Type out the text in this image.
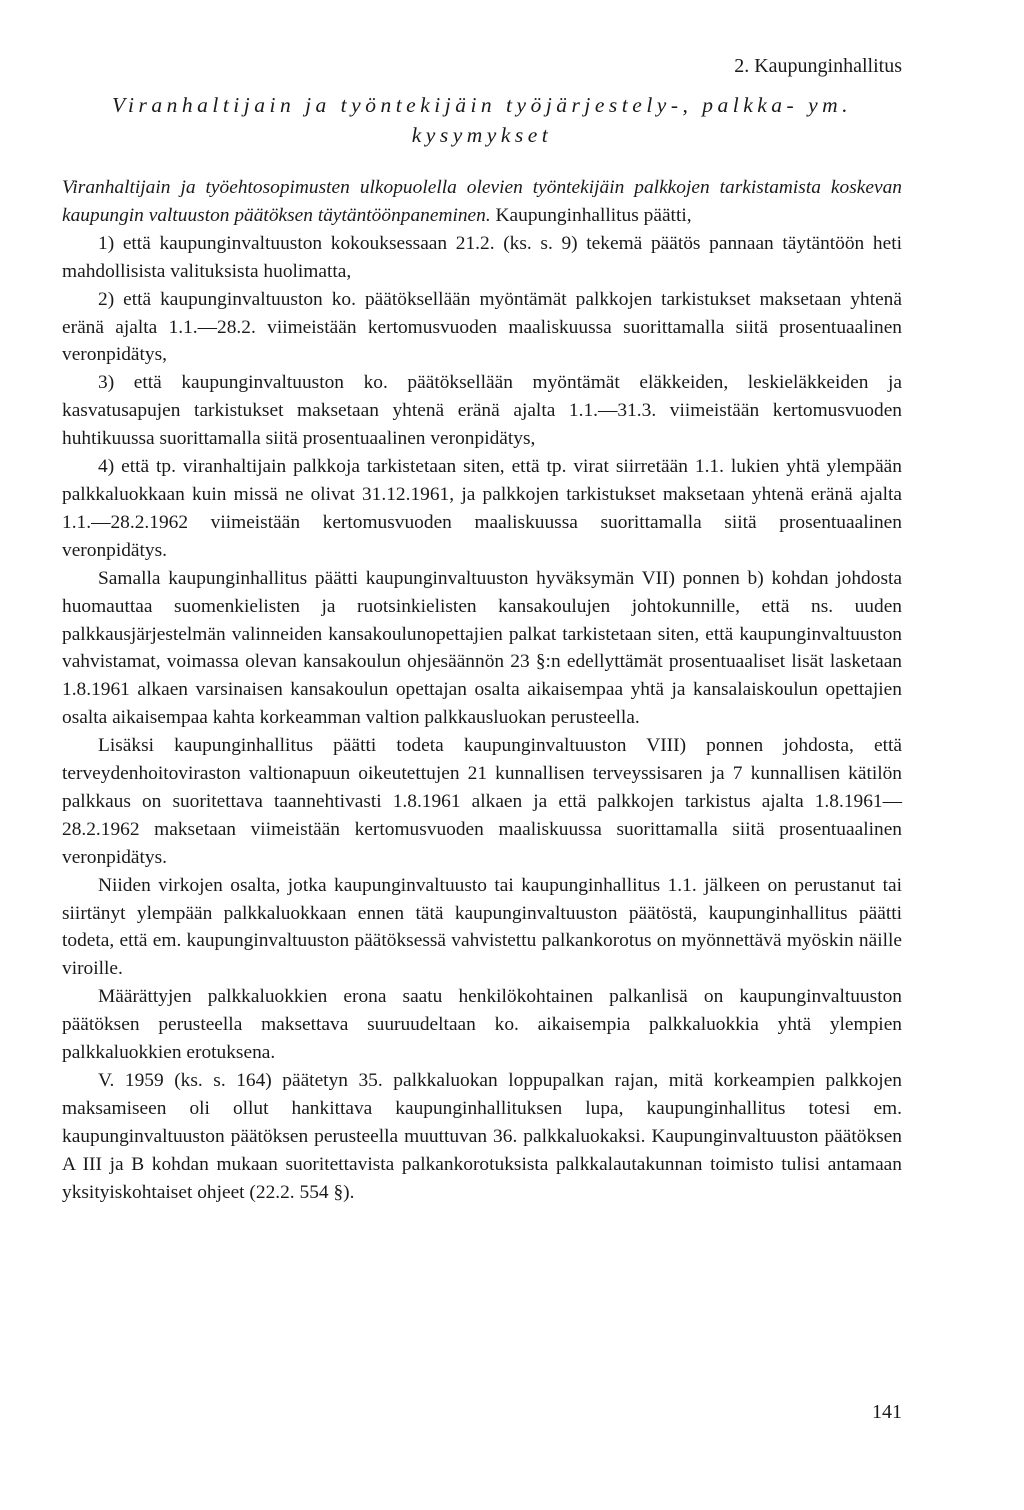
2. Kaupunginhallitus
Viranhaltijain ja työntekijäin työjärjestely-, palkka- ym. kysymykset

Viranhaltijain ja työehtosopimusten ulkopuolella olevien työntekijäin palkkojen tarkistamista koskevan kaupungin valtuuston päätöksen täytäntöönpaneminen. Kaupunginhallitus päätti,

1) että kaupunginvaltuuston kokouksessaan 21.2. (ks. s. 9) tekemä päätös pannaan täytäntöön heti mahdollisista valituksista huolimatta,

2) että kaupunginvaltuuston ko. päätöksellään myöntämät palkkojen tarkistukset maksetaan yhtenä eränä ajalta 1.1.—28.2. viimeistään kertomusvuoden maaliskuussa suorittamalla siitä prosentuaalinen veronpidätys,

3) että kaupunginvaltuuston ko. päätöksellään myöntämät eläkkeiden, leskieläkkeiden ja kasvatusapujen tarkistukset maksetaan yhtenä eränä ajalta 1.1.—31.3. viimeistään kertomusvuoden huhtikuussa suorittamalla siitä prosentuaalinen veronpidätys,

4) että tp. viranhaltijain palkkoja tarkistetaan siten, että tp. virat siirretään 1.1. lukien yhtä ylempään palkkaluokkaan kuin missä ne olivat 31.12.1961, ja palkkojen tarkistukset maksetaan yhtenä eränä ajalta 1.1.—28.2.1962 viimeistään kertomusvuoden maaliskuussa suorittamalla siitä prosentuaalinen veronpidätys.

Samalla kaupunginhallitus päätti kaupunginvaltuuston hyväksymän VII) ponnen b) kohdan johdosta huomauttaa suomenkielisten ja ruotsinkielisten kansakoulujen johtokunnille, että ns. uuden palkkausjärjestelmän valinneiden kansakoulunopettajien palkat tarkistetaan siten, että kaupunginvaltuuston vahvistamat, voimassa olevan kansakoulun ohjesäännön 23 §:n edellyttämät prosentuaaliset lisät lasketaan 1.8.1961 alkaen varsinaisen kansakoulun opettajan osalta aikaisempaa yhtä ja kansalaiskoulun opettajien osalta aikaisempaa kahta korkeamman valtion palkkausluokan perusteella.

Lisäksi kaupunginhallitus päätti todeta kaupunginvaltuuston VIII) ponnen johdosta, että terveydenhoitoviraston valtionapuun oikeutettujen 21 kunnallisen terveyssisaren ja 7 kunnallisen kätilön palkkaus on suoritettava taannehtivasti 1.8.1961 alkaen ja että palkkojen tarkistus ajalta 1.8.1961—28.2.1962 maksetaan viimeistään kertomusvuoden maaliskuussa suorittamalla siitä prosentuaalinen veronpidätys.

Niiden virkojen osalta, jotka kaupunginvaltuusto tai kaupunginhallitus 1.1. jälkeen on perustanut tai siirtänyt ylempään palkkaluokkaan ennen tätä kaupunginvaltuuston päätöstä, kaupunginhallitus päätti todeta, että em. kaupunginvaltuuston päätöksessä vahvistettu palkankorotus on myönnettävä myöskin näille viroille.

Määrättyjen palkkaluokkien erona saatu henkilökohtainen palkanlisä on kaupunginvaltuuston päätöksen perusteella maksettava suuruudeltaan ko. aikaisempia palkkaluokkia yhtä ylempien palkkaluokkien erotuksena.

V. 1959 (ks. s. 164) päätetyn 35. palkkaluokan loppupalkan rajan, mitä korkeampien palkkojen maksamiseen oli ollut hankittava kaupunginhallituksen lupa, kaupunginhallitus totesi em. kaupunginvaltuuston päätöksen perusteella muuttuvan 36. palkkaluokaksi. Kaupunginvaltuuston päätöksen A III ja B kohdan mukaan suoritettavista palkankorotuksista palkkalautakunnan toimisto tulisi antamaan yksityiskohtaiset ohjeet (22.2. 554 §).

141
